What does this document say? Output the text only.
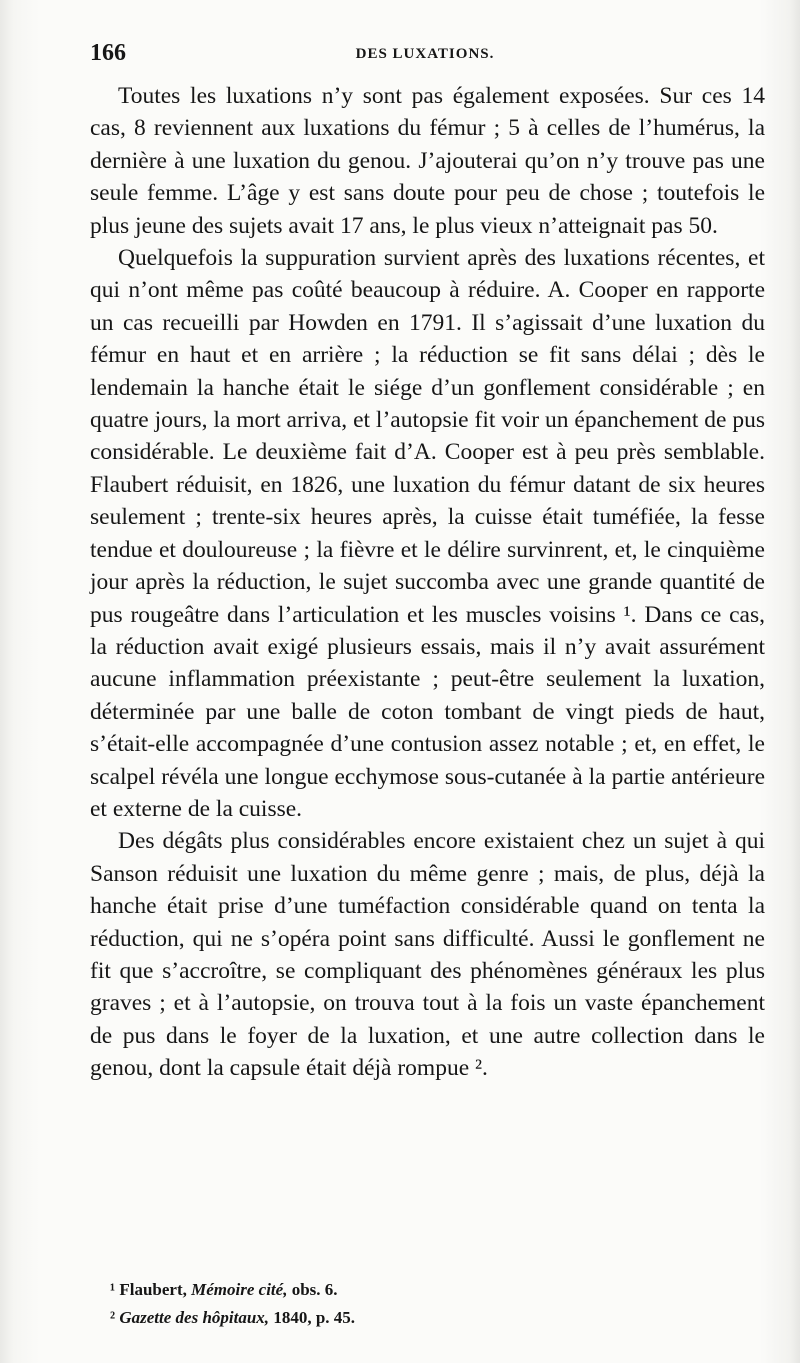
166	DES LUXATIONS.

Toutes les luxations n’y sont pas également exposées. Sur ces 14 cas, 8 reviennent aux luxations du fémur ; 5 à celles de l’humérus, la dernière à une luxation du genou. J’ajouterai qu’on n’y trouve pas une seule femme. L’âge y est sans doute pour peu de chose ; toutefois le plus jeune des sujets avait 17 ans, le plus vieux n’atteignait pas 50.

Quelquefois la suppuration survient après des luxations récentes, et qui n’ont même pas coûté beaucoup à réduire. A. Cooper en rapporte un cas recueilli par Howden en 1791. Il s’agissait d’une luxation du fémur en haut et en arrière ; la réduction se fit sans délai ; dès le lendemain la hanche était le siége d’un gonflement considérable ; en quatre jours, la mort arriva, et l’autopsie fit voir un épanchement de pus considérable. Le deuxième fait d’A. Cooper est à peu près semblable. Flaubert réduisit, en 1826, une luxation du fémur datant de six heures seulement ; trente-six heures après, la cuisse était tuméfiée, la fesse tendue et douloureuse ; la fièvre et le délire survinrent, et, le cinquième jour après la réduction, le sujet succomba avec une grande quantité de pus rougeâtre dans l’articulation et les muscles voisins ¹. Dans ce cas, la réduction avait exigé plusieurs essais, mais il n’y avait assurément aucune inflammation préexistante ; peut-être seulement la luxation, déterminée par une balle de coton tombant de vingt pieds de haut, s’était-elle accompagnée d’une contusion assez notable ; et, en effet, le scalpel révéla une longue ecchymose sous-cutanée à la partie antérieure et externe de la cuisse.

Des dégâts plus considérables encore existaient chez un sujet à qui Sanson réduisit une luxation du même genre ; mais, de plus, déjà la hanche était prise d’une tuméfaction considérable quand on tenta la réduction, qui ne s’opéra point sans difficulté. Aussi le gonflement ne fit que s’accroître, se compliquant des phénomènes généraux les plus graves ; et à l’autopsie, on trouva tout à la fois un vaste épanchement de pus dans le foyer de la luxation, et une autre collection dans le genou, dont la capsule était déjà rompue ².

¹ Flaubert, Mémoire cité, obs. 6.
² Gazette des hôpitaux, 1840, p. 45.
